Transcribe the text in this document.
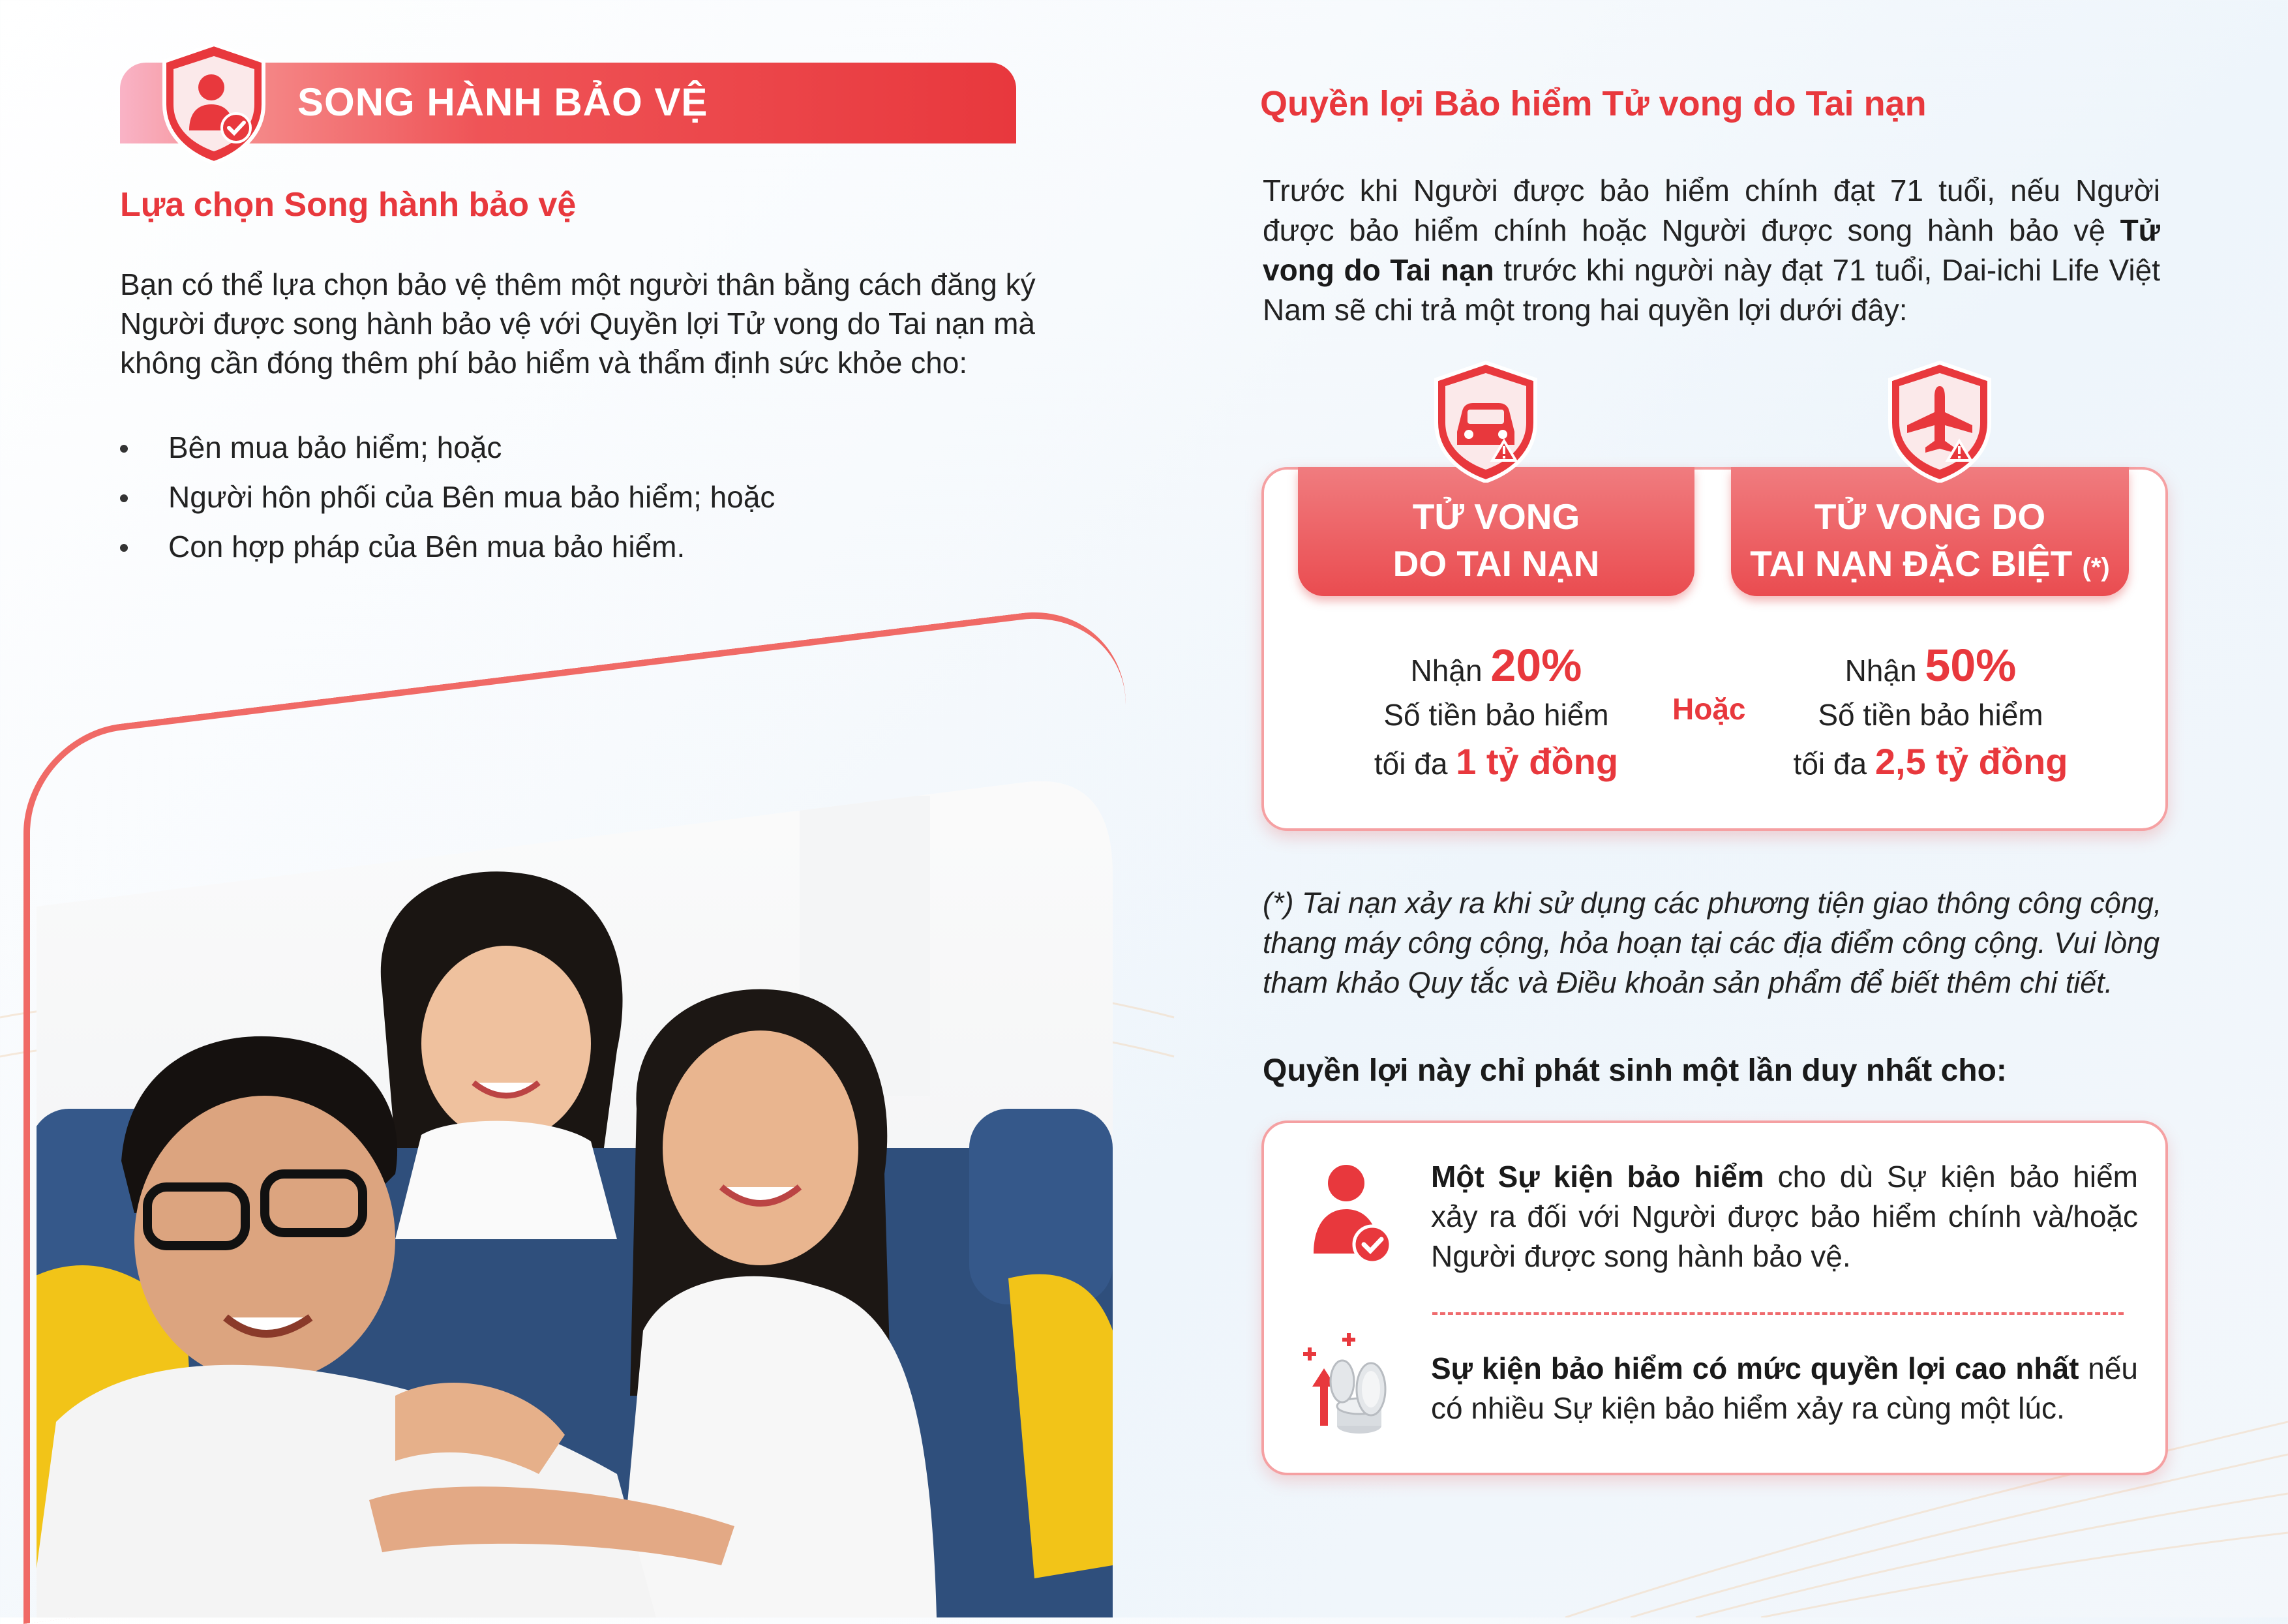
SONG HÀNH BẢO VỆ
Lựa chọn Song hành bảo vệ
Bạn có thể lựa chọn bảo vệ thêm một người thân bằng cách đăng ký
Người được song hành bảo vệ với Quyền lợi Tử vong do Tai nạn mà
không cần đóng thêm phí bảo hiểm và thẩm định sức khỏe cho:
Bên mua bảo hiểm; hoặc
Người hôn phối của Bên mua bảo hiểm; hoặc
Con hợp pháp của Bên mua bảo hiểm.
Quyền lợi Bảo hiểm Tử vong do Tai nạn
Trước khi Người được bảo hiểm chính đạt 71 tuổi, nếu Người được bảo hiểm chính hoặc Người được song hành bảo vệ Tử vong do Tai nạn trước khi người này đạt 71 tuổi, Dai-ichi Life Việt Nam sẽ chi trả một trong hai quyền lợi dưới đây:
TỬ VONG
DO TAI NẠN
TỬ VONG DO
TAI NẠN ĐẶC BIỆT (*)
Nhận 20%
Số tiền bảo hiểm
tối đa 1 tỷ đồng
Hoặc
Nhận 50%
Số tiền bảo hiểm
tối đa 2,5 tỷ đồng
(*) Tai nạn xảy ra khi sử dụng các phương tiện giao thông công cộng,
thang máy công cộng, hỏa hoạn tại các địa điểm công cộng. Vui lòng
tham khảo Quy tắc và Điều khoản sản phẩm để biết thêm chi tiết.
Quyền lợi này chỉ phát sinh một lần duy nhất cho:
Một Sự kiện bảo hiểm cho dù Sự kiện bảo hiểm xảy ra đối với Người được bảo hiểm chính và/hoặc Người được song hành bảo vệ.
Sự kiện bảo hiểm có mức quyền lợi cao nhất nếu có nhiều Sự kiện bảo hiểm xảy ra cùng một lúc.
